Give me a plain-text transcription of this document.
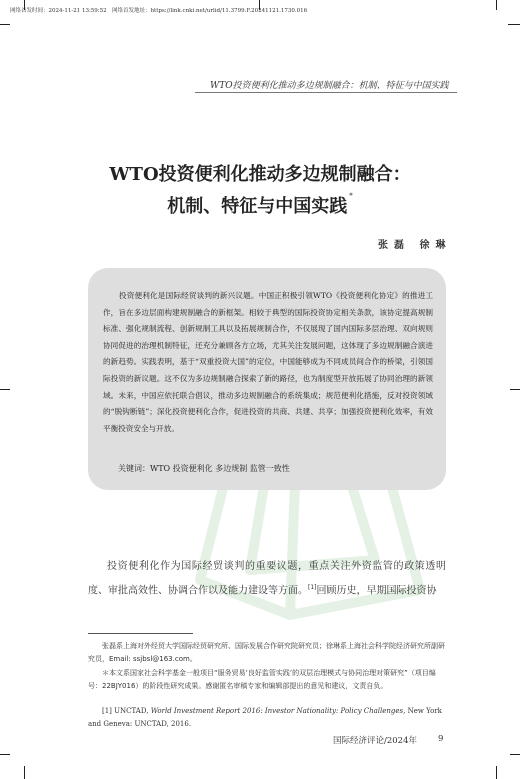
网络首发时间：2024-11-21 13:59:52 网络首发地址：https://link.cnki.net/urlid/11.3799.F.20241121.1730.016
WTO投资便利化推动多边规制融合：机制、特征与中国实践
WTO投资便利化推动多边规制融合：
机制、特征与中国实践 *
张磊 徐琳
投资便利化是国际经贸谈判的新兴议题。中国正积极引领WTO《投资便利化协定》的推进工作，旨在多边层面构建规制融合的新框架。相较于典型的国际投资协定相关条款，该协定提高规制标准、强化规制流程、创新规制工具以及拓展规制合作，不仅展现了国内国际多层治理、双向规则协同促进的治理机制特征，还充分兼顾各方立场，尤其关注发展问题，这体现了多边规制融合演进的新趋势。实践表明，基于“双重投资大国”的定位，中国能够成为不同成员间合作的桥梁，引领国际投资的新议题。这不仅为多边规制融合探索了新的路径，也为制度型开放拓展了协同治理的新领域。未来，中国应依托联合倡议，推动多边规制融合的系统集成；规范便利化措施，反对投资领域的“脱钩断链”；深化投资便利化合作，促进投资的共商、共建、共享；加强投资便利化效率，有效平衡投资安全与开放。
关键词：WTO 投资便利化 多边规制 监管一致性
投资便利化作为国际经贸谈判的重要议题，重点关注外资监管的政策透明度、审批高效性、协调合作以及能力建设等方面。[1]回顾历史，早期国际投资协
张磊系上海对外经贸大学国际经贸研究所、国际发展合作研究院研究员；徐琳系上海社会科学院经济研究所副研究员，Email: ssjbsl@163.com。
＊本文系国家社会科学基金一般项目“服务贸易‘良好监管实践’的双层治理模式与协同治理对策研究”（项目编号：22BJY016）的阶段性研究成果。感谢匿名审稿专家和编辑部提出的意见和建议，文责自负。
[1] UNCTAD, World Investment Report 2016: Investor Nationality: Policy Challenges, New York and Geneva: UNCTAD, 2016.
国际经济评论/2024年 9
